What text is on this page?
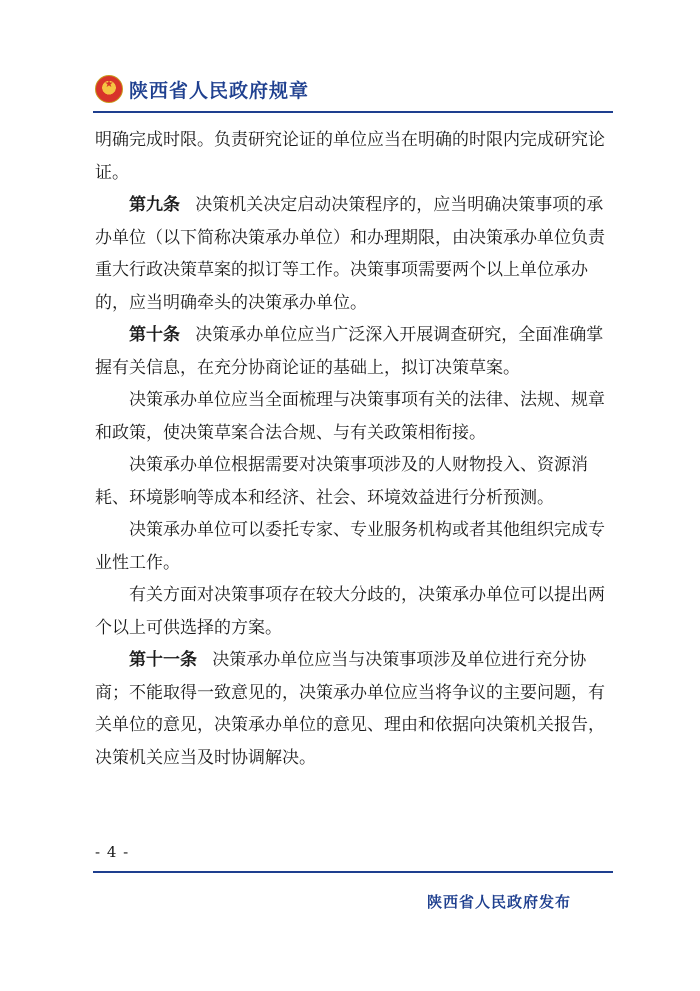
★
陕西省人民政府规章

明确完成时限。负责研究论证的单位应当在明确的时限内完成研究论证。

第九条 决策机关决定启动决策程序的，应当明确决策事项的承办单位（以下简称决策承办单位）和办理期限，由决策承办单位负责重大行政决策草案的拟订等工作。决策事项需要两个以上单位承办的，应当明确牵头的决策承办单位。

第十条 决策承办单位应当广泛深入开展调查研究，全面准确掌握有关信息，在充分协商论证的基础上，拟订决策草案。

决策承办单位应当全面梳理与决策事项有关的法律、法规、规章和政策，使决策草案合法合规、与有关政策相衔接。

决策承办单位根据需要对决策事项涉及的人财物投入、资源消耗、环境影响等成本和经济、社会、环境效益进行分析预测。

决策承办单位可以委托专家、专业服务机构或者其他组织完成专业性工作。

有关方面对决策事项存在较大分歧的，决策承办单位可以提出两个以上可供选择的方案。

第十一条 决策承办单位应当与决策事项涉及单位进行充分协商；不能取得一致意见的，决策承办单位应当将争议的主要问题，有关单位的意见，决策承办单位的意见、理由和依据向决策机关报告，决策机关应当及时协调解决。

- 4 -
陕西省人民政府发布
